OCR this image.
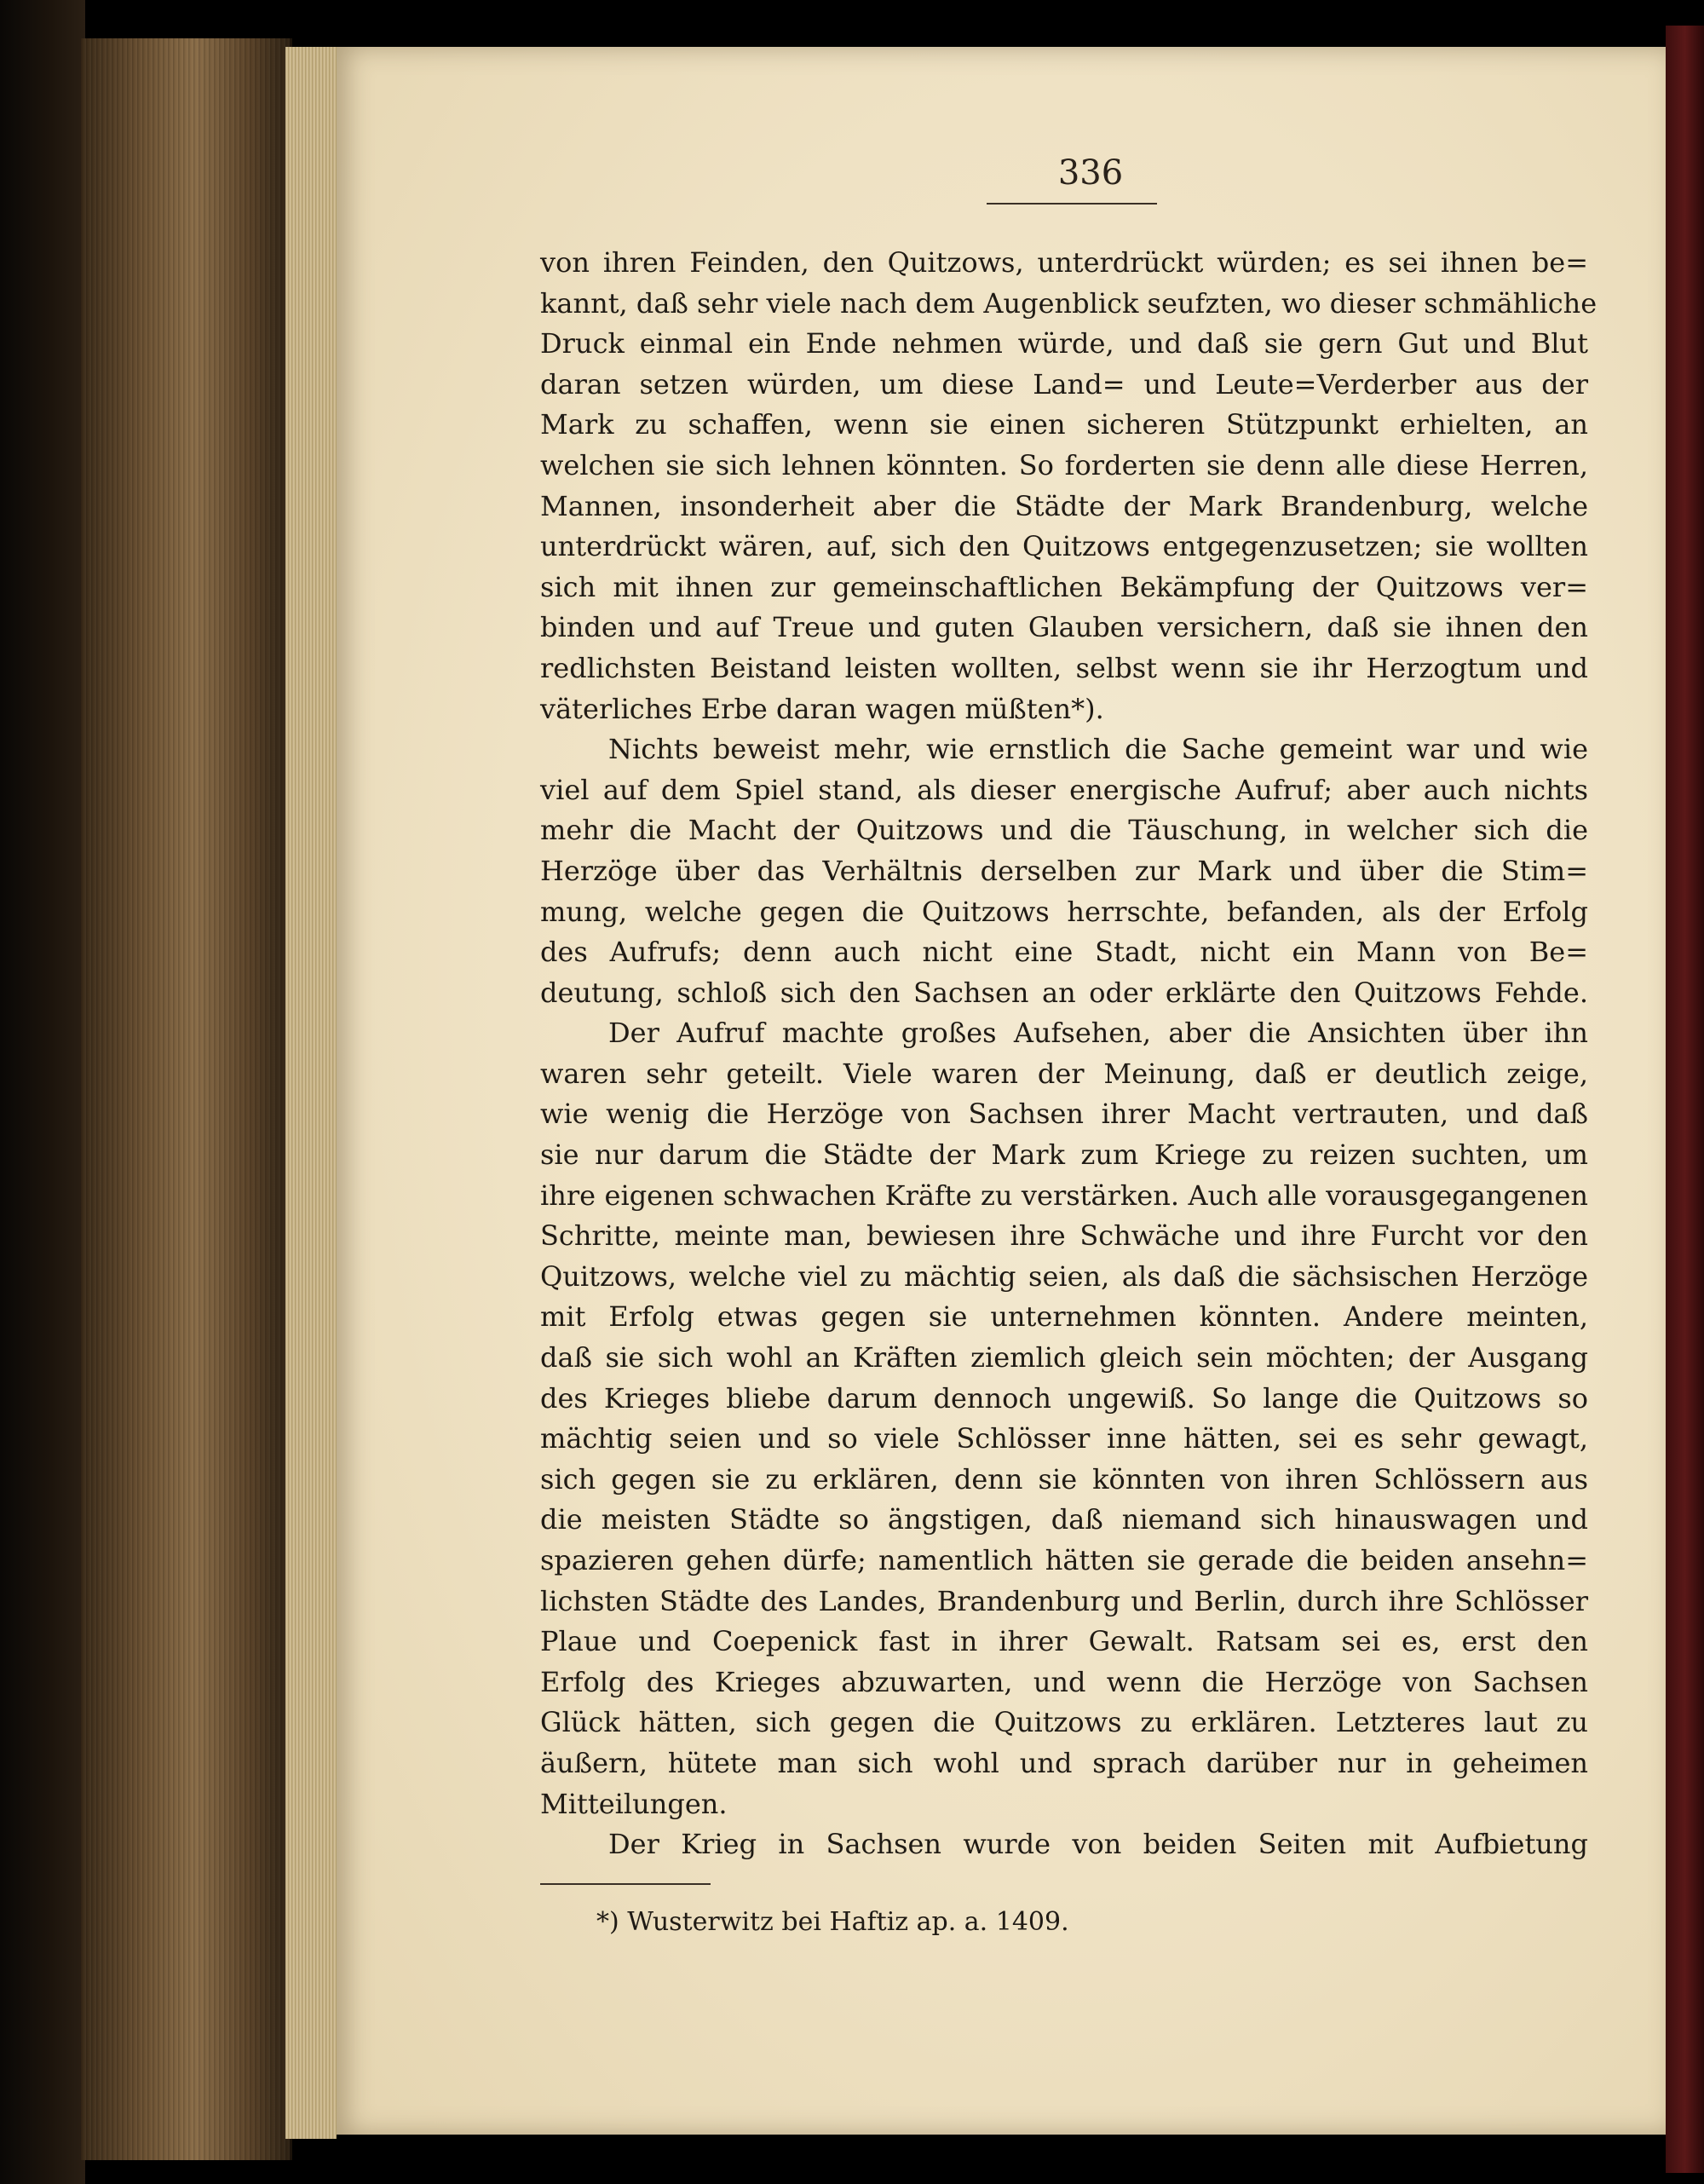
336
von ihren Feinden, den Quitzows, unterdrückt würden; es sei ihnen be=
kannt, daß sehr viele nach dem Augenblick seufzten, wo dieser schmähliche
Druck einmal ein Ende nehmen würde, und daß sie gern Gut und Blut
daran setzen würden, um diese Land= und Leute=Verderber aus der
Mark zu schaffen, wenn sie einen sicheren Stützpunkt erhielten, an
welchen sie sich lehnen könnten. So forderten sie denn alle diese Herren,
Mannen, insonderheit aber die Städte der Mark Brandenburg, welche
unterdrückt wären, auf, sich den Quitzows entgegenzusetzen; sie wollten
sich mit ihnen zur gemeinschaftlichen Bekämpfung der Quitzows ver=
binden und auf Treue und guten Glauben versichern, daß sie ihnen den
redlichsten Beistand leisten wollten, selbst wenn sie ihr Herzogtum und
väterliches Erbe daran wagen müßten*).
Nichts beweist mehr, wie ernstlich die Sache gemeint war und wie
viel auf dem Spiel stand, als dieser energische Aufruf; aber auch nichts
mehr die Macht der Quitzows und die Täuschung, in welcher sich die
Herzöge über das Verhältnis derselben zur Mark und über die Stim=
mung, welche gegen die Quitzows herrschte, befanden, als der Erfolg
des Aufrufs; denn auch nicht eine Stadt, nicht ein Mann von Be=
deutung, schloß sich den Sachsen an oder erklärte den Quitzows Fehde.
Der Aufruf machte großes Aufsehen, aber die Ansichten über ihn
waren sehr geteilt. Viele waren der Meinung, daß er deutlich zeige,
wie wenig die Herzöge von Sachsen ihrer Macht vertrauten, und daß
sie nur darum die Städte der Mark zum Kriege zu reizen suchten, um
ihre eigenen schwachen Kräfte zu verstärken. Auch alle vorausgegangenen
Schritte, meinte man, bewiesen ihre Schwäche und ihre Furcht vor den
Quitzows, welche viel zu mächtig seien, als daß die sächsischen Herzöge
mit Erfolg etwas gegen sie unternehmen könnten. Andere meinten,
daß sie sich wohl an Kräften ziemlich gleich sein möchten; der Ausgang
des Krieges bliebe darum dennoch ungewiß. So lange die Quitzows so
mächtig seien und so viele Schlösser inne hätten, sei es sehr gewagt,
sich gegen sie zu erklären, denn sie könnten von ihren Schlössern aus
die meisten Städte so ängstigen, daß niemand sich hinauswagen und
spazieren gehen dürfe; namentlich hätten sie gerade die beiden ansehn=
lichsten Städte des Landes, Brandenburg und Berlin, durch ihre Schlösser
Plaue und Coepenick fast in ihrer Gewalt. Ratsam sei es, erst den
Erfolg des Krieges abzuwarten, und wenn die Herzöge von Sachsen
Glück hätten, sich gegen die Quitzows zu erklären. Letzteres laut zu
äußern, hütete man sich wohl und sprach darüber nur in geheimen
Mitteilungen.
Der Krieg in Sachsen wurde von beiden Seiten mit Aufbietung
*) Wusterwitz bei Haftiz ap. a. 1409.
